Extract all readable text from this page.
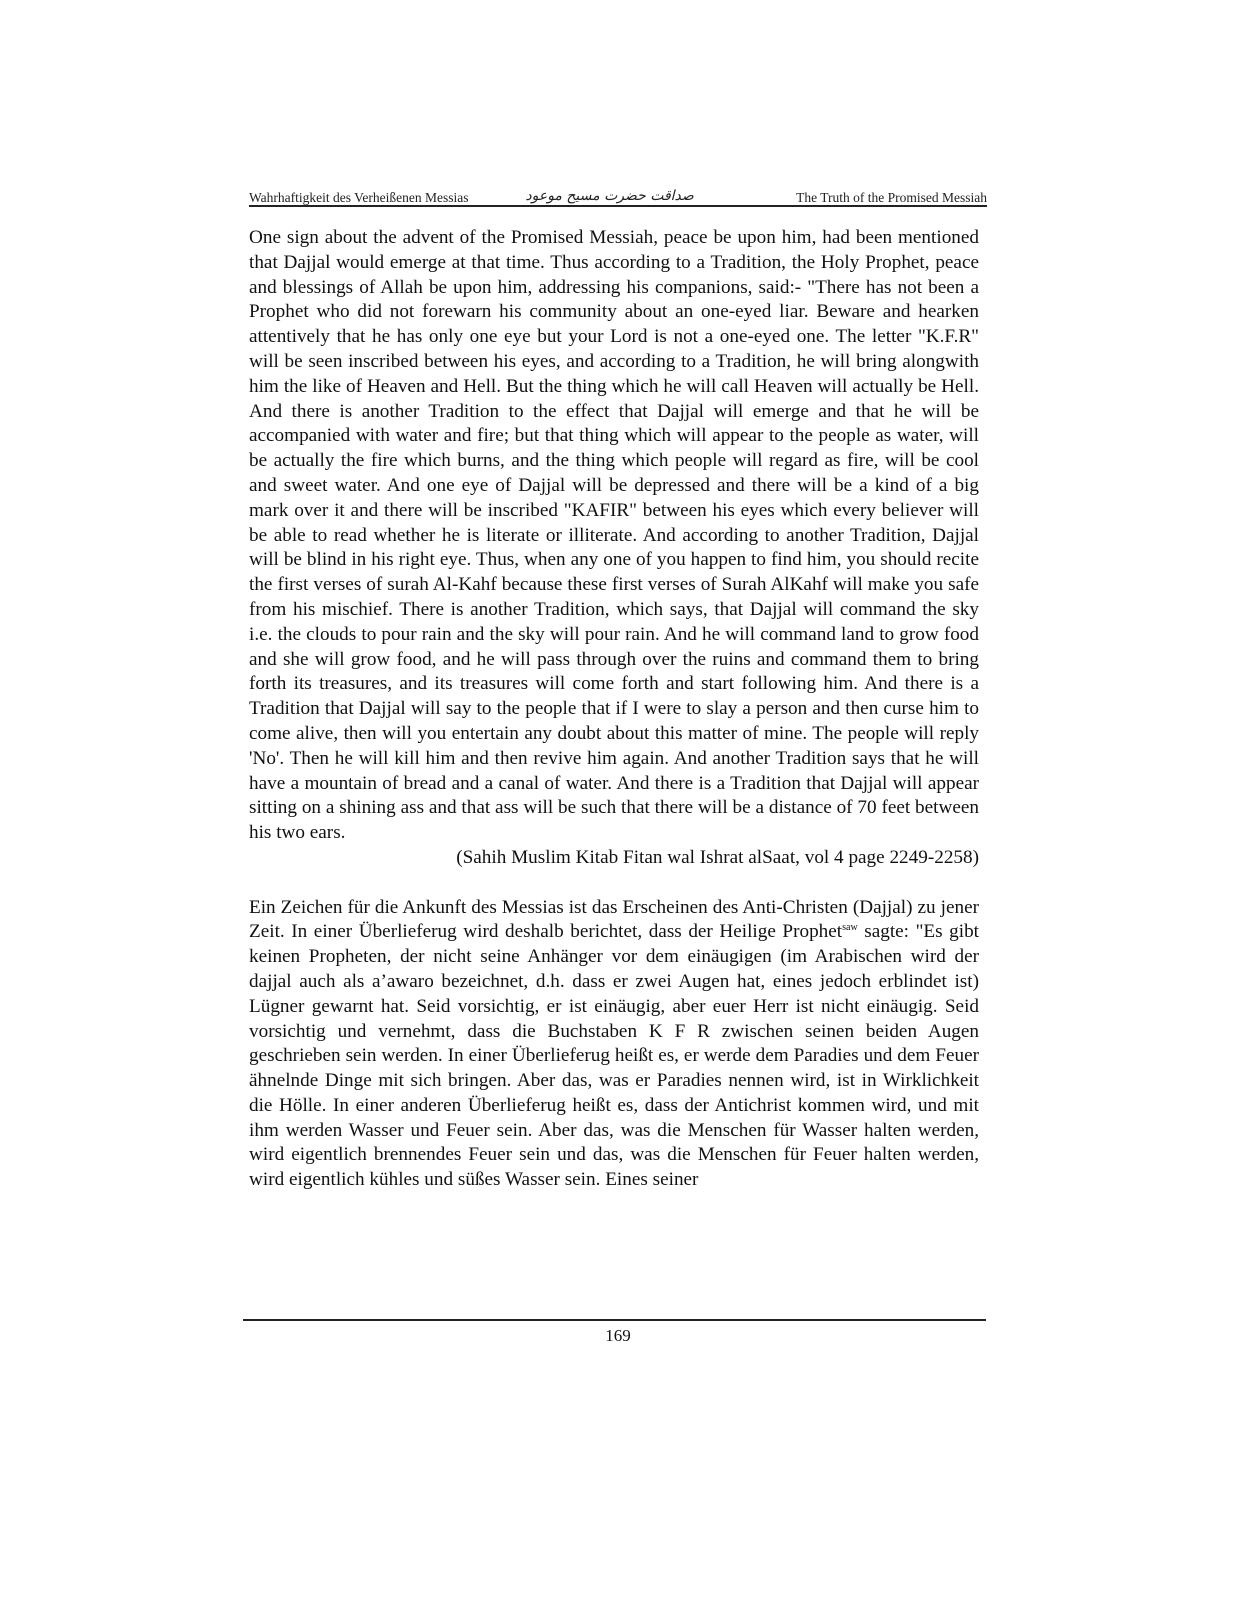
Wahrhaftigkeit des Verheißenen Messias	صداقت حضرت مسیح موعود	The Truth of the Promised Messiah

One sign about the advent of the Promised Messiah, peace be upon him, had been mentioned that Dajjal would emerge at that time. Thus according to a Tradition, the Holy Prophet, peace and blessings of Allah be upon him, addressing his companions, said:- "There has not been a Prophet who did not forewarn his community about an one-eyed liar. Beware and hearken attentively that he has only one eye but your Lord is not a one-eyed one. The letter "K.F.R" will be seen inscribed between his eyes, and according to a Tradition, he will bring alongwith him the like of Heaven and Hell. But the thing which he will call Heaven will actually be Hell. And there is another Tradition to the effect that Dajjal will emerge and that he will be accompanied with water and fire; but that thing which will appear to the people as water, will be actually the fire which burns, and the thing which people will regard as fire, will be cool and sweet water. And one eye of Dajjal will be depressed and there will be a kind of a big mark over it and there will be inscribed "KAFIR" between his eyes which every believer will be able to read whether he is literate or illiterate. And according to another Tradition, Dajjal will be blind in his right eye. Thus, when any one of you happen to find him, you should recite the first verses of surah Al-Kahf because these first verses of Surah AlKahf will make you safe from his mischief. There is another Tradition, which says, that Dajjal will command the sky i.e. the clouds to pour rain and the sky will pour rain. And he will command land to grow food and she will grow food, and he will pass through over the ruins and command them to bring forth its treasures, and its treasures will come forth and start following him. And there is a Tradition that Dajjal will say to the people that if I were to slay a person and then curse him to come alive, then will you entertain any doubt about this matter of mine. The people will reply 'No'. Then he will kill him and then revive him again. And another Tradition says that he will have a mountain of bread and a canal of water. And there is a Tradition that Dajjal will appear sitting on a shining ass and that ass will be such that there will be a distance of 70 feet between his two ears.

(Sahih Muslim Kitab Fitan wal Ishrat alSaat, vol 4 page 2249-2258)

Ein Zeichen für die Ankunft des Messias ist das Erscheinen des Anti-Christen (Dajjal) zu jener Zeit. In einer Überlieferug wird deshalb berichtet, dass der Heilige Prophet$^{saw}$ sagte: "Es gibt keinen Propheten, der nicht seine Anhänger vor dem einäugigen (im Arabischen wird der dajjal auch als a’awaro bezeichnet, d.h. dass er zwei Augen hat, eines jedoch erblindet ist) Lügner gewarnt hat. Seid vorsichtig, er ist einäugig, aber euer Herr ist nicht einäugig. Seid vorsichtig und vernehmt, dass die Buchstaben K F R zwischen seinen beiden Augen geschrieben sein werden. In einer Überlieferug heißt es, er werde dem Paradies und dem Feuer ähnelnde Dinge mit sich bringen. Aber das, was er Paradies nennen wird, ist in Wirklichkeit die Hölle. In einer anderen Überlieferug heißt es, dass der Antichrist kommen wird, und mit ihm werden Wasser und Feuer sein. Aber das, was die Menschen für Wasser halten werden, wird eigentlich brennendes Feuer sein und das, was die Menschen für Feuer halten werden, wird eigentlich kühles und süßes Wasser sein. Eines seiner

169
